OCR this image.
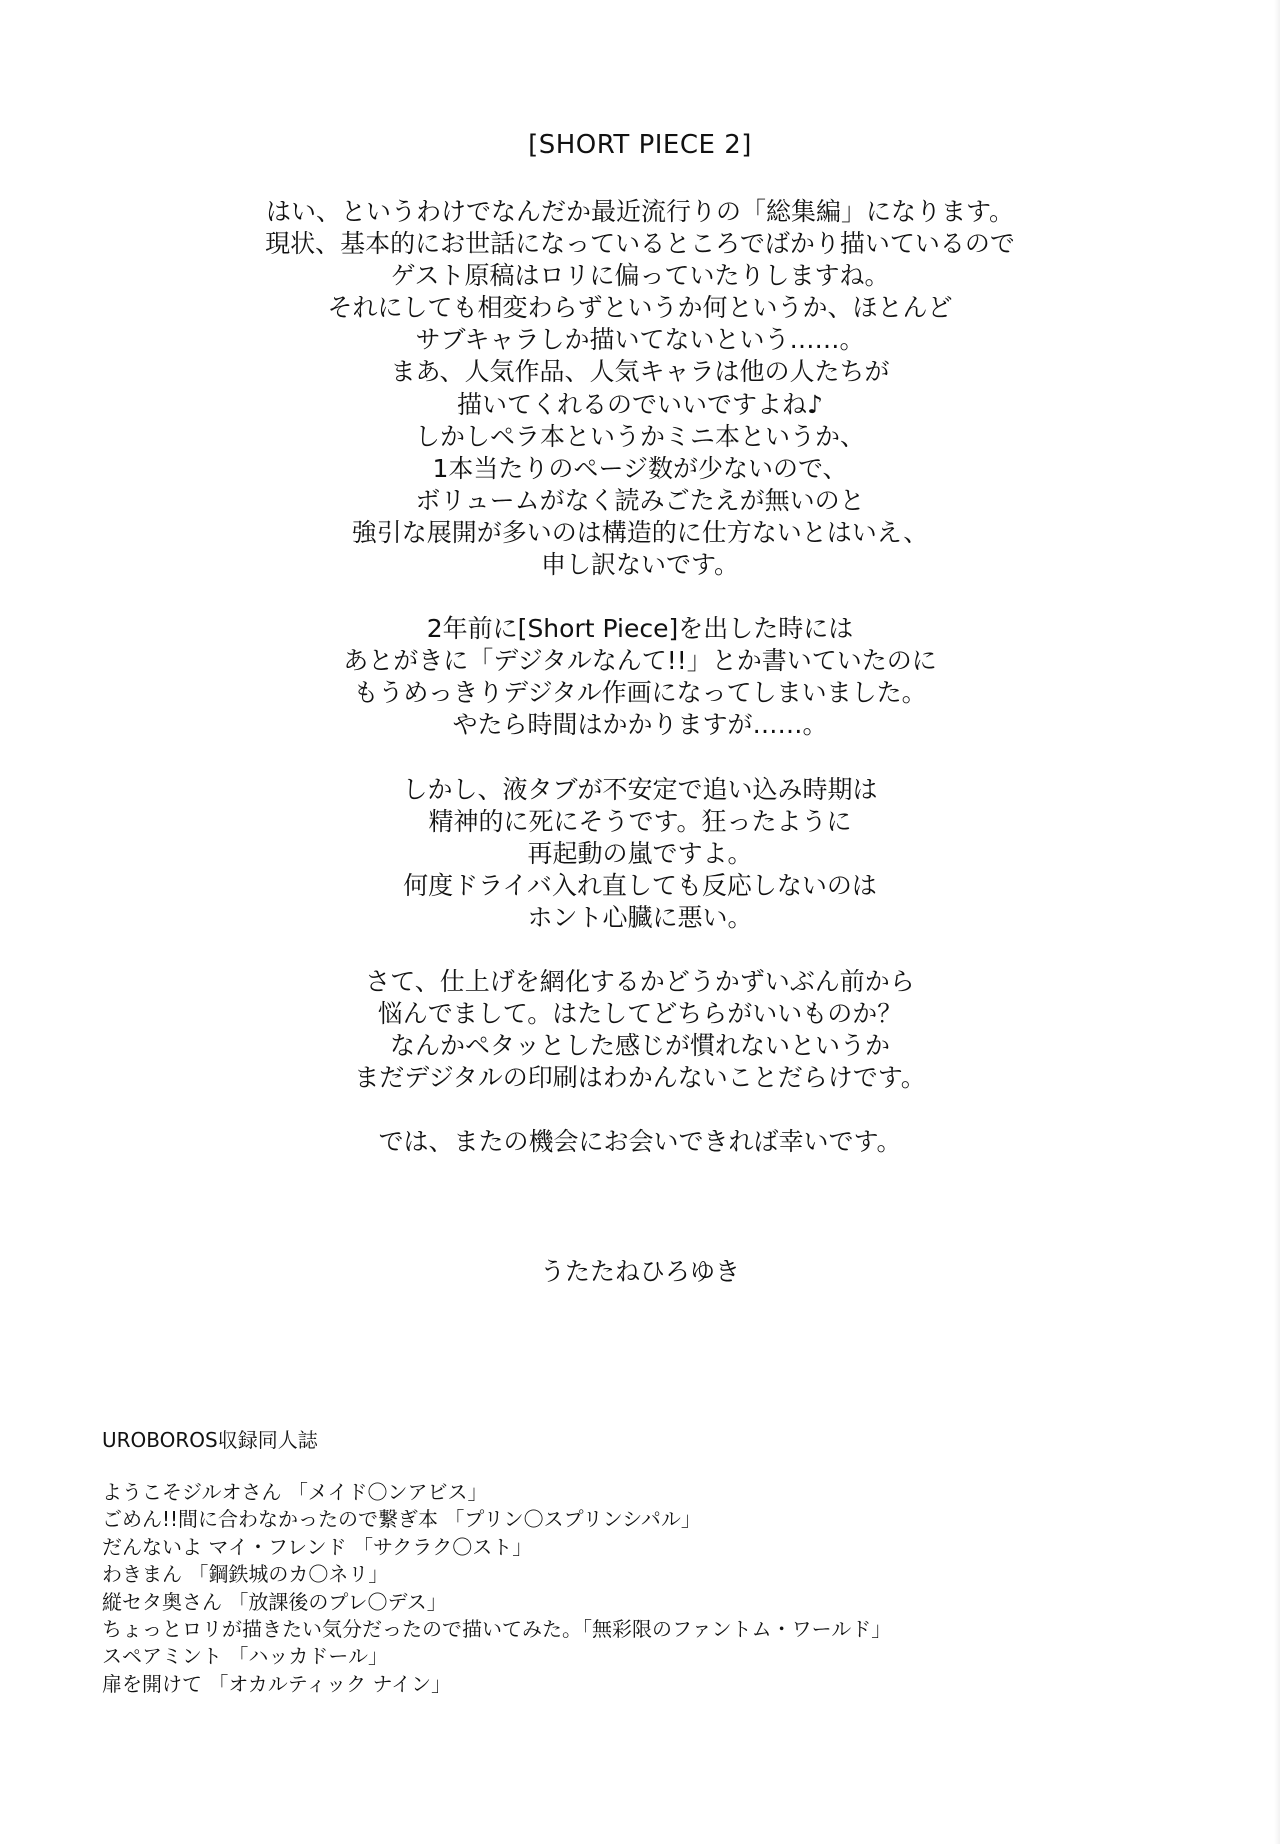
[SHORT PIECE 2]
はい、というわけでなんだか最近流行りの「総集編」になります。
現状、基本的にお世話になっているところでばかり描いているので
ゲスト原稿はロリに偏っていたりしますね。
それにしても相変わらずというか何というか、ほとんど
サブキャラしか描いてないという……。
まあ、人気作品、人気キャラは他の人たちが
描いてくれるのでいいですよね♪
しかしペラ本というかミニ本というか、
1本当たりのページ数が少ないので、
ボリュームがなく読みごたえが無いのと
強引な展開が多いのは構造的に仕方ないとはいえ、
申し訳ないです。
2年前に[Short Piece]を出した時には
あとがきに「デジタルなんて!!」とか書いていたのに
もうめっきりデジタル作画になってしまいました。
やたら時間はかかりますが……。
しかし、液タブが不安定で追い込み時期は
精神的に死にそうです。狂ったように
再起動の嵐ですよ。
何度ドライバ入れ直しても反応しないのは
ホント心臓に悪い。
さて、仕上げを網化するかどうかずいぶん前から
悩んでまして。はたしてどちらがいいものか？
なんかペタッとした感じが慣れないというか
まだデジタルの印刷はわかんないことだらけです。
では、またの機会にお会いできれば幸いです。
うたたねひろゆき
UROBOROS収録同人誌
ようこそジルオさん 「メイド〇ンアビス」
ごめん!!間に合わなかったので繋ぎ本 「プリン〇スプリンシパル」
だんないよ マイ・フレンド 「サクラク〇スト」
わきまん 「鋼鉄城のカ〇ネリ」
縦セタ奥さん 「放課後のプレ〇デス」
ちょっとロリが描きたい気分だったので描いてみた。「無彩限のファントム・ワールド」
スペアミント 「ハッカドール」
扉を開けて 「オカルティック ナイン」
